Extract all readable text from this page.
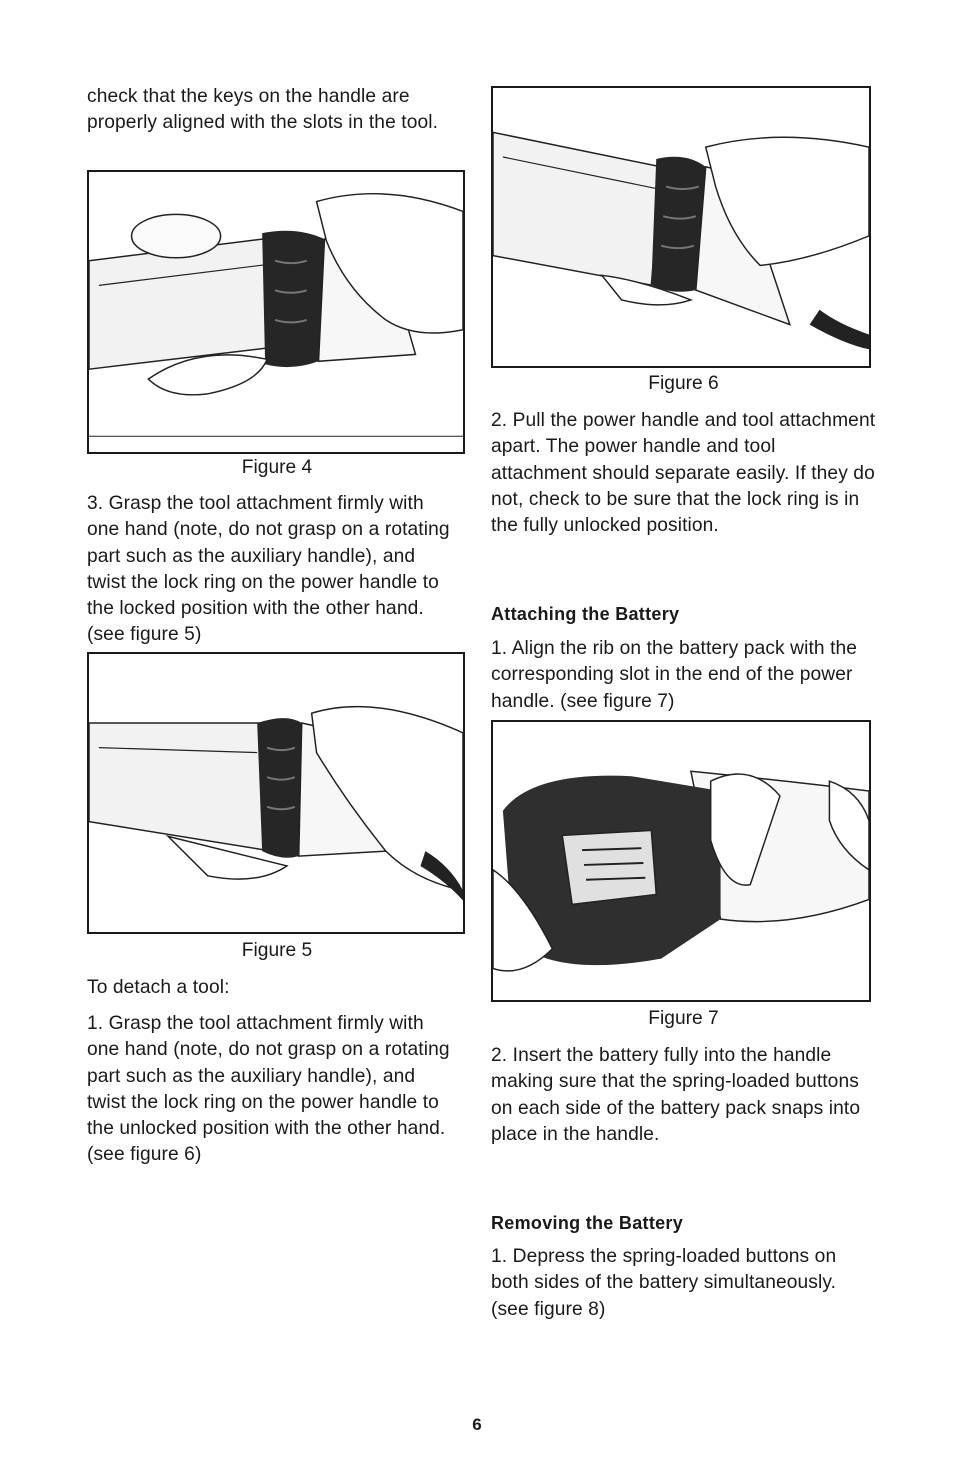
check that the keys on the handle are properly aligned with the slots in the tool.

Figure 4

3. Grasp the tool attachment firmly with one hand (note, do not grasp on a rotating part such as the auxiliary handle), and twist the lock ring on the power handle to the locked position with the other hand. (see figure 5)

Figure 5

To detach a tool:

1. Grasp the tool attachment firmly with one hand (note, do not grasp on a rotating part such as the auxiliary handle), and twist the lock ring on the power handle to the unlocked position with the other hand. (see figure 6)

Figure 6

2. Pull the power handle and tool attachment apart. The power handle and tool attachment should separate easily. If they do not, check to be sure that the lock ring is in the fully unlocked position.

Attaching the Battery

1. Align the rib on the battery pack with the corresponding slot in the end of the power handle. (see figure 7)

Figure 7

2. Insert the battery fully into the handle making sure that the spring-loaded buttons on each side of the battery pack snaps into place in the handle.

Removing the Battery

1. Depress the spring-loaded buttons on both sides of the battery simultaneously. (see figure 8)

6
